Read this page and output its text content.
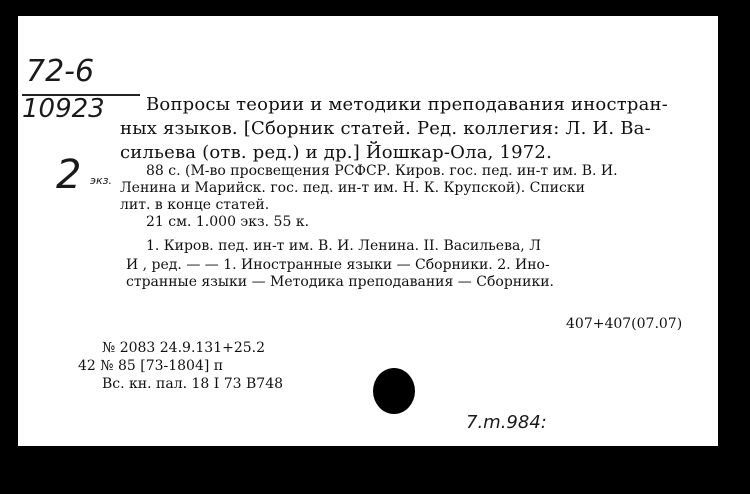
72-6
10923
2 экз.
Вопросы теории и методики преподавания иностран-
ных языков. [Сборник статей. Ред. коллегия: Л. И. Ва-
сильева (отв. ред.) и др.] Йошкар-Ола, 1972.
88 с. (М-во просвещения РСФСР. Киров. гос. пед. ин-т им. В. И.
Ленина и Марийск. гос. пед. ин-т им. Н. К. Крупской). Списки
лит. в конце статей.
21 см. 1.000 экз. 55 к.
1. Киров. пед. ин-т им. В. И. Ленина. II. Васильева, Л
И , ред. — — 1. Иностранные языки — Сборники. 2. Ино-
странные языки — Методика преподавания — Сборники.
407+407(07.07)
№ 2083 24.9.131+25.2
42 № 85 [73-1804] п
Вс. кн. пал. 18 I 73 В748
7.m.984:
